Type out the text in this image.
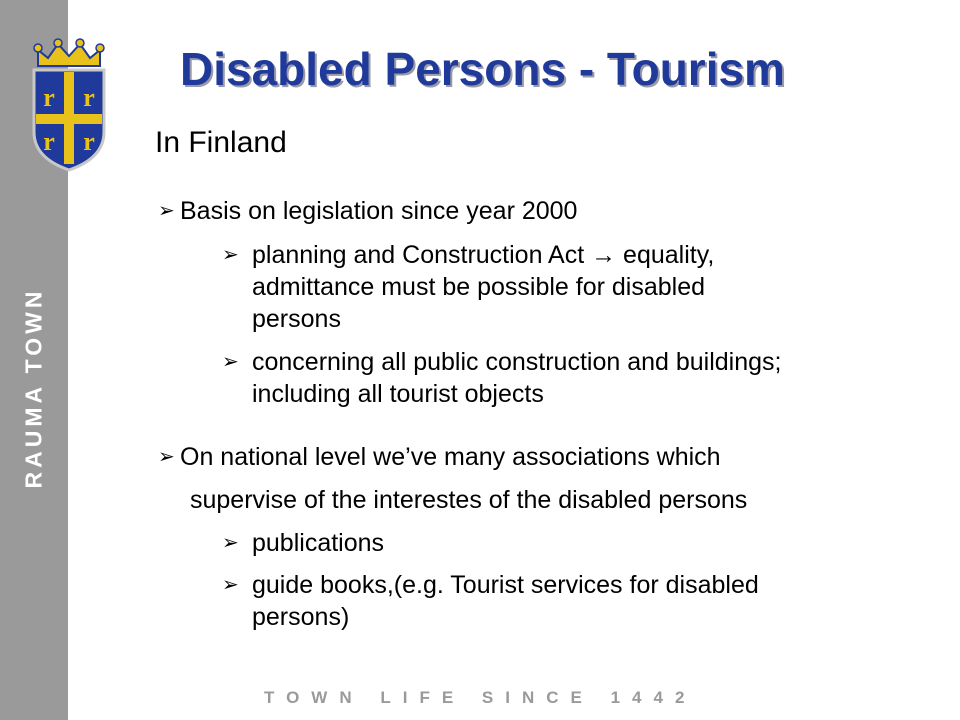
RAUMA TOWN
r r
r r
Disabled Persons - Tourism
In Finland
➢ Basis on legislation since year 2000
➢ planning and Construction Act → equality,
admittance must be possible for disabled
persons
➢ concerning all public construction and buildings;
including all tourist objects
➢ On national level we’ve many associations which
supervise of the interestes of the disabled persons
➢ publications
➢ guide books,(e.g. Tourist services for disabled
persons)
TOWN LIFE SINCE 1442
